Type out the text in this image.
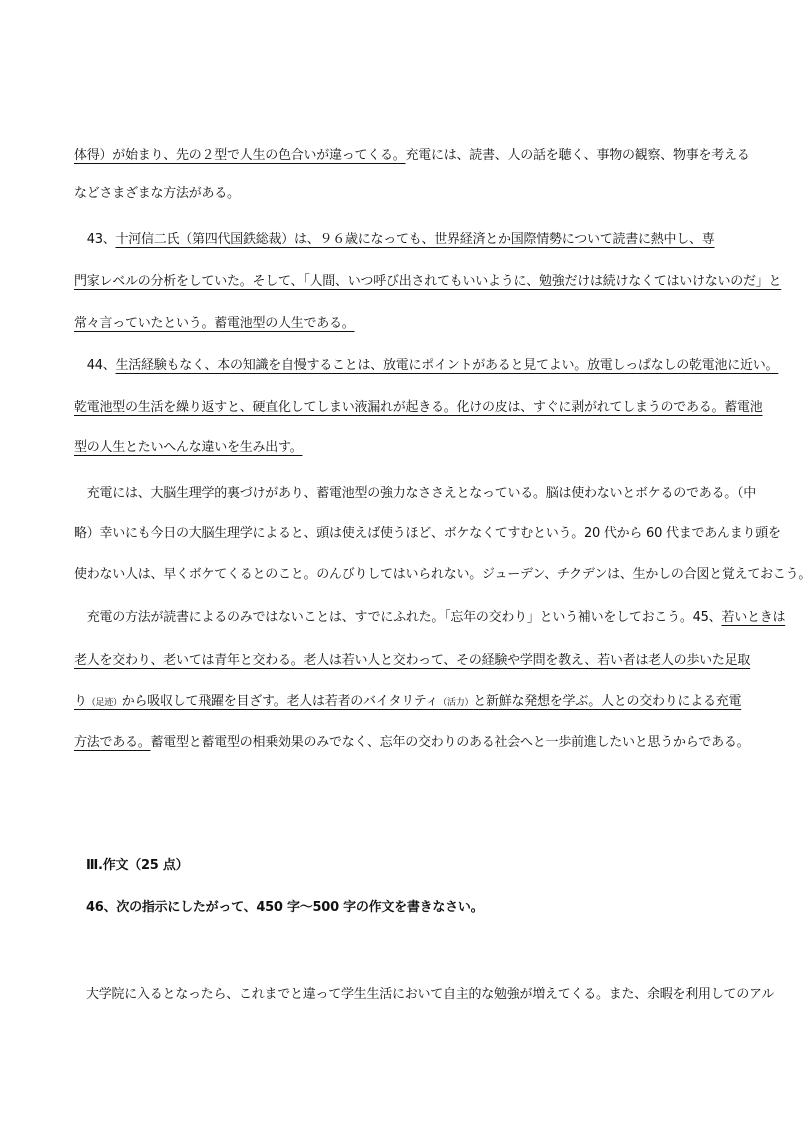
体得）が始まり、先の２型で人生の色合いが違ってくる。充電には、読書、人の話を聴く、事物の観察、物事を考える
などさまざまな方法がある。
　43、十河信二氏（第四代国鉄総裁）は、９６歳になっても、世界経済とか国際情勢について読書に熱中し、専
門家レベルの分析をしていた。そして、「人間、いつ呼び出されてもいいように、勉強だけは続けなくてはいけないのだ」と
常々言っていたという。蓄電池型の人生である。
　44、生活経験もなく、本の知識を自慢することは、放電にポイントがあると見てよい。放電しっぱなしの乾電池に近い。
乾電池型の生活を繰り返すと、硬直化してしまい液漏れが起きる。化けの皮は、すぐに剥がれてしまうのである。蓄電池
型の人生とたいへんな違いを生み出す。
　充電には、大脳生理学的裏づけがあり、蓄電池型の強力なささえとなっている。脳は使わないとボケるのである。（中
略）幸いにも今日の大脳生理学によると、頭は使えば使うほど、ボケなくてすむという。20 代から 60 代まであんまり頭を
使わない人は、早くボケてくるとのこと。のんびりしてはいられない。ジューデン、チクデンは、生かしの合図と覚えておこう。
　充電の方法が読書によるのみではないことは、すでにふれた。「忘年の交わり」という補いをしておこう。45、若いときは
老人を交わり、老いては青年と交わる。老人は若い人と交わって、その経験や学問を教え、若い者は老人の歩いた足取
り（足迹）から吸収して飛躍を目ざす。老人は若者のバイタリティ（活力）と新鮮な発想を学ぶ。人との交わりによる充電
方法である。蓄電型と蓄電型の相乗効果のみでなく、忘年の交わりのある社会へと一歩前進したいと思うからである。
Ⅲ.作文（25 点）
46、次の指示にしたがって、450 字～500 字の作文を書きなさい。
大学院に入るとなったら、これまでと違って学生生活において自主的な勉強が増えてくる。また、余暇を利用してのアル
